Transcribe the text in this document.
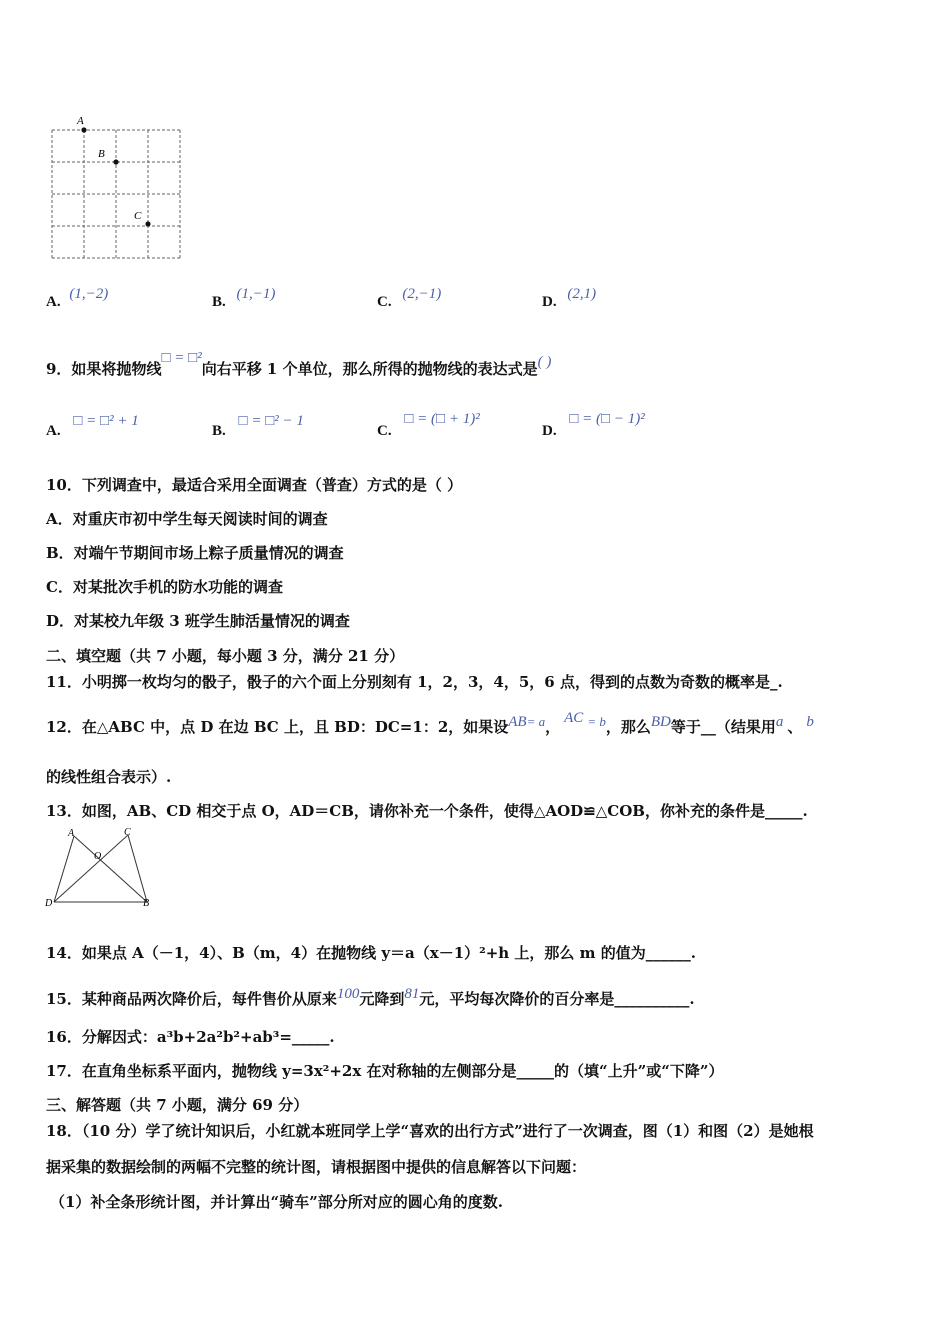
A
B
C
A. (1,−2)	B. (1,−1)	C. (2,−1)	D. (2,1)
9．如果将抛物线□ = □²向右平移 1 个单位，那么所得的抛物线的表达式是( )
A. □ = □² + 1
B. □ = □² − 1
C. □ = (□ + 1)²
D. □ = (□ − 1)²
10．下列调查中，最适合采用全面调查（普查）方式的是（ ）
A．对重庆市初中学生每天阅读时间的调查
B．对端午节期间市场上粽子质量情况的调查
C．对某批次手机的防水功能的调查
D．对某校九年级 3 班学生肺活量情况的调查
二、填空题（共 7 小题，每小题 3 分，满分 21 分）
11．小明掷一枚均匀的骰子，骰子的六个面上分别刻有 1，2，3，4，5，6 点，得到的点数为奇数的概率是_.
12．在△ABC 中，点 D 在边 BC 上，且 BD：DC=1：2，如果设AB= a， AC = b，那么BD等于__（结果用a 、 b
的线性组合表示）.
13．如图，AB、CD 相交于点 O，AD＝CB，请你补充一个条件，使得△AOD≌△COB，你补充的条件是_____.
A	C
O
D	B
14．如果点 A（－1，4）、B（m，4）在抛物线 y＝a（x－1）²+h 上，那么 m 的值为______.
15．某种商品两次降价后，每件售价从原来100元降到81元，平均每次降价的百分率是__________.
16．分解因式：a³b+2a²b²+ab³=_____.
17．在直角坐标系平面内，抛物线 y=3x²+2x 在对称轴的左侧部分是_____的（填“上升”或“下降”）
三、解答题（共 7 小题，满分 69 分）
18．（10 分）学了统计知识后，小红就本班同学上学“喜欢的出行方式”进行了一次调查，图（1）和图（2）是她根
据采集的数据绘制的两幅不完整的统计图，请根据图中提供的信息解答以下问题：
（1）补全条形统计图，并计算出“骑车”部分所对应的圆心角的度数.
